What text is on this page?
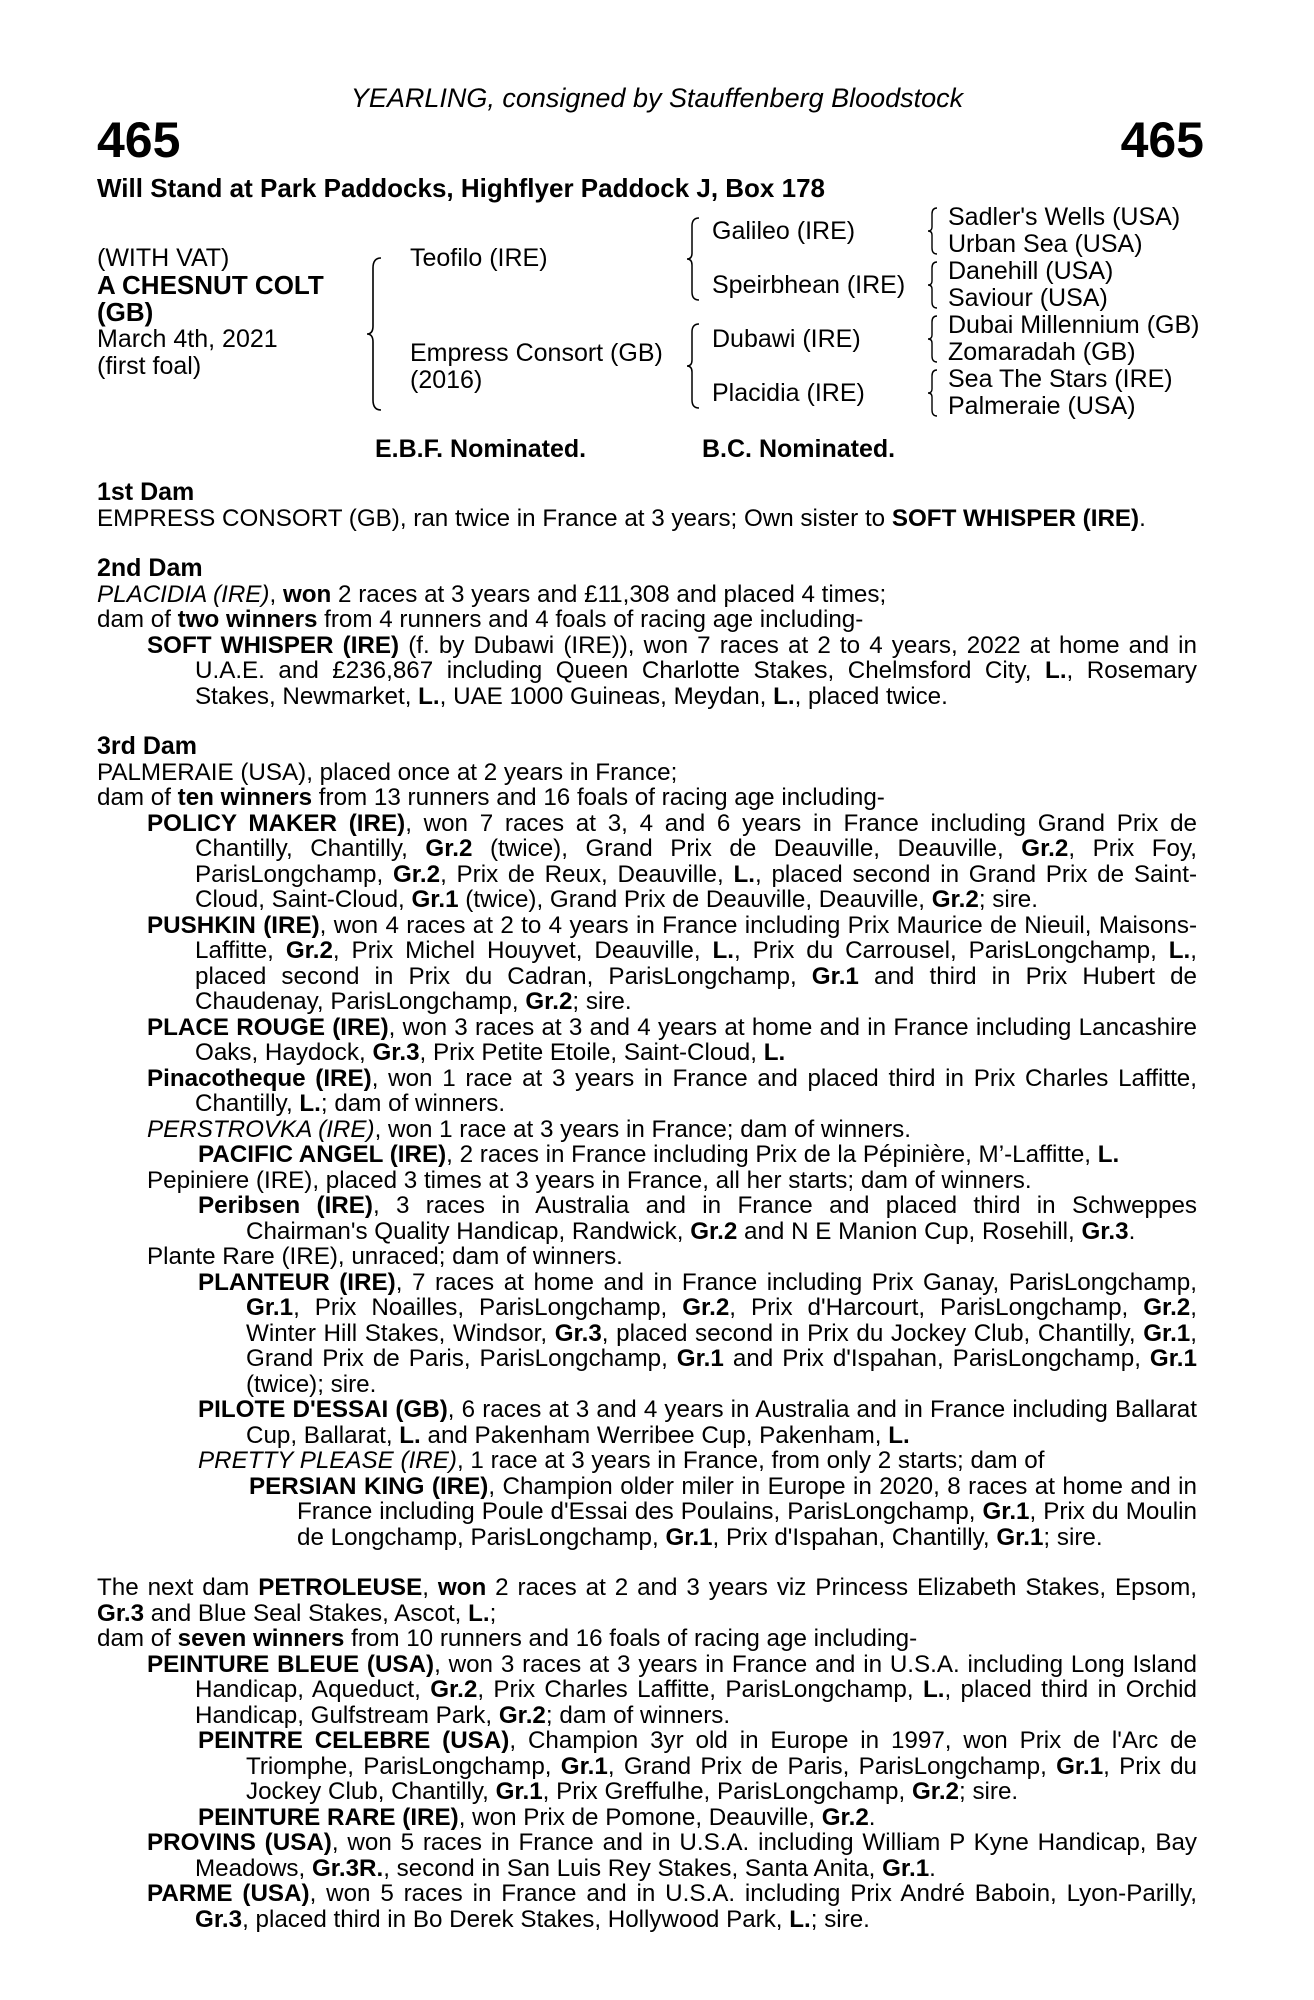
YEARLING, consigned by Stauffenberg Bloodstock
465	465
Will Stand at Park Paddocks, Highflyer Paddock J, Box 178
(WITH VAT)
A CHESNUT COLT
(GB)
March 4th, 2021
(first foal)
Teofilo (IRE)
Empress Consort (GB)
(2016)
Galileo (IRE)
Speirbhean (IRE)
Dubawi (IRE)
Placidia (IRE)
Sadler's Wells (USA)
Urban Sea (USA)
Danehill (USA)
Saviour (USA)
Dubai Millennium (GB)
Zomaradah (GB)
Sea The Stars (IRE)
Palmeraie (USA)
E.B.F. Nominated.	B.C. Nominated.
1st Dam
EMPRESS CONSORT (GB), ran twice in France at 3 years; Own sister to SOFT WHISPER (IRE).
2nd Dam
PLACIDIA (IRE), won 2 races at 3 years and £11,308 and placed 4 times;
dam of two winners from 4 runners and 4 foals of racing age including-
SOFT WHISPER (IRE) (f. by Dubawi (IRE)), won 7 races at 2 to 4 years, 2022 at home and in U.A.E. and £236,867 including Queen Charlotte Stakes, Chelmsford City, L., Rosemary Stakes, Newmarket, L., UAE 1000 Guineas, Meydan, L., placed twice.
3rd Dam
PALMERAIE (USA), placed once at 2 years in France;
dam of ten winners from 13 runners and 16 foals of racing age including-
POLICY MAKER (IRE), won 7 races at 3, 4 and 6 years in France including Grand Prix de Chantilly, Chantilly, Gr.2 (twice), Grand Prix de Deauville, Deauville, Gr.2, Prix Foy, ParisLongchamp, Gr.2, Prix de Reux, Deauville, L., placed second in Grand Prix de Saint-Cloud, Saint-Cloud, Gr.1 (twice), Grand Prix de Deauville, Deauville, Gr.2; sire.
PUSHKIN (IRE), won 4 races at 2 to 4 years in France including Prix Maurice de Nieuil, Maisons-Laffitte, Gr.2, Prix Michel Houyvet, Deauville, L., Prix du Carrousel, ParisLongchamp, L., placed second in Prix du Cadran, ParisLongchamp, Gr.1 and third in Prix Hubert de Chaudenay, ParisLongchamp, Gr.2; sire.
PLACE ROUGE (IRE), won 3 races at 3 and 4 years at home and in France including Lancashire Oaks, Haydock, Gr.3, Prix Petite Etoile, Saint-Cloud, L.
Pinacotheque (IRE), won 1 race at 3 years in France and placed third in Prix Charles Laffitte, Chantilly, L.; dam of winners.
PERSTROVKA (IRE), won 1 race at 3 years in France; dam of winners.
PACIFIC ANGEL (IRE), 2 races in France including Prix de la Pépinière, M’-Laffitte, L.
Pepiniere (IRE), placed 3 times at 3 years in France, all her starts; dam of winners.
Peribsen (IRE), 3 races in Australia and in France and placed third in Schweppes Chairman's Quality Handicap, Randwick, Gr.2 and N E Manion Cup, Rosehill, Gr.3.
Plante Rare (IRE), unraced; dam of winners.
PLANTEUR (IRE), 7 races at home and in France including Prix Ganay, ParisLongchamp, Gr.1, Prix Noailles, ParisLongchamp, Gr.2, Prix d'Harcourt, ParisLongchamp, Gr.2, Winter Hill Stakes, Windsor, Gr.3, placed second in Prix du Jockey Club, Chantilly, Gr.1, Grand Prix de Paris, ParisLongchamp, Gr.1 and Prix d'Ispahan, ParisLongchamp, Gr.1 (twice); sire.
PILOTE D'ESSAI (GB), 6 races at 3 and 4 years in Australia and in France including Ballarat Cup, Ballarat, L. and Pakenham Werribee Cup, Pakenham, L.
PRETTY PLEASE (IRE), 1 race at 3 years in France, from only 2 starts; dam of
PERSIAN KING (IRE), Champion older miler in Europe in 2020, 8 races at home and in France including Poule d'Essai des Poulains, ParisLongchamp, Gr.1, Prix du Moulin de Longchamp, ParisLongchamp, Gr.1, Prix d'Ispahan, Chantilly, Gr.1; sire.
The next dam PETROLEUSE, won 2 races at 2 and 3 years viz Princess Elizabeth Stakes, Epsom, Gr.3 and Blue Seal Stakes, Ascot, L.;
dam of seven winners from 10 runners and 16 foals of racing age including-
PEINTURE BLEUE (USA), won 3 races at 3 years in France and in U.S.A. including Long Island Handicap, Aqueduct, Gr.2, Prix Charles Laffitte, ParisLongchamp, L., placed third in Orchid Handicap, Gulfstream Park, Gr.2; dam of winners.
PEINTRE CELEBRE (USA), Champion 3yr old in Europe in 1997, won Prix de l'Arc de Triomphe, ParisLongchamp, Gr.1, Grand Prix de Paris, ParisLongchamp, Gr.1, Prix du Jockey Club, Chantilly, Gr.1, Prix Greffulhe, ParisLongchamp, Gr.2; sire.
PEINTURE RARE (IRE), won Prix de Pomone, Deauville, Gr.2.
PROVINS (USA), won 5 races in France and in U.S.A. including William P Kyne Handicap, Bay Meadows, Gr.3R., second in San Luis Rey Stakes, Santa Anita, Gr.1.
PARME (USA), won 5 races in France and in U.S.A. including Prix André Baboin, Lyon-Parilly, Gr.3, placed third in Bo Derek Stakes, Hollywood Park, L.; sire.
